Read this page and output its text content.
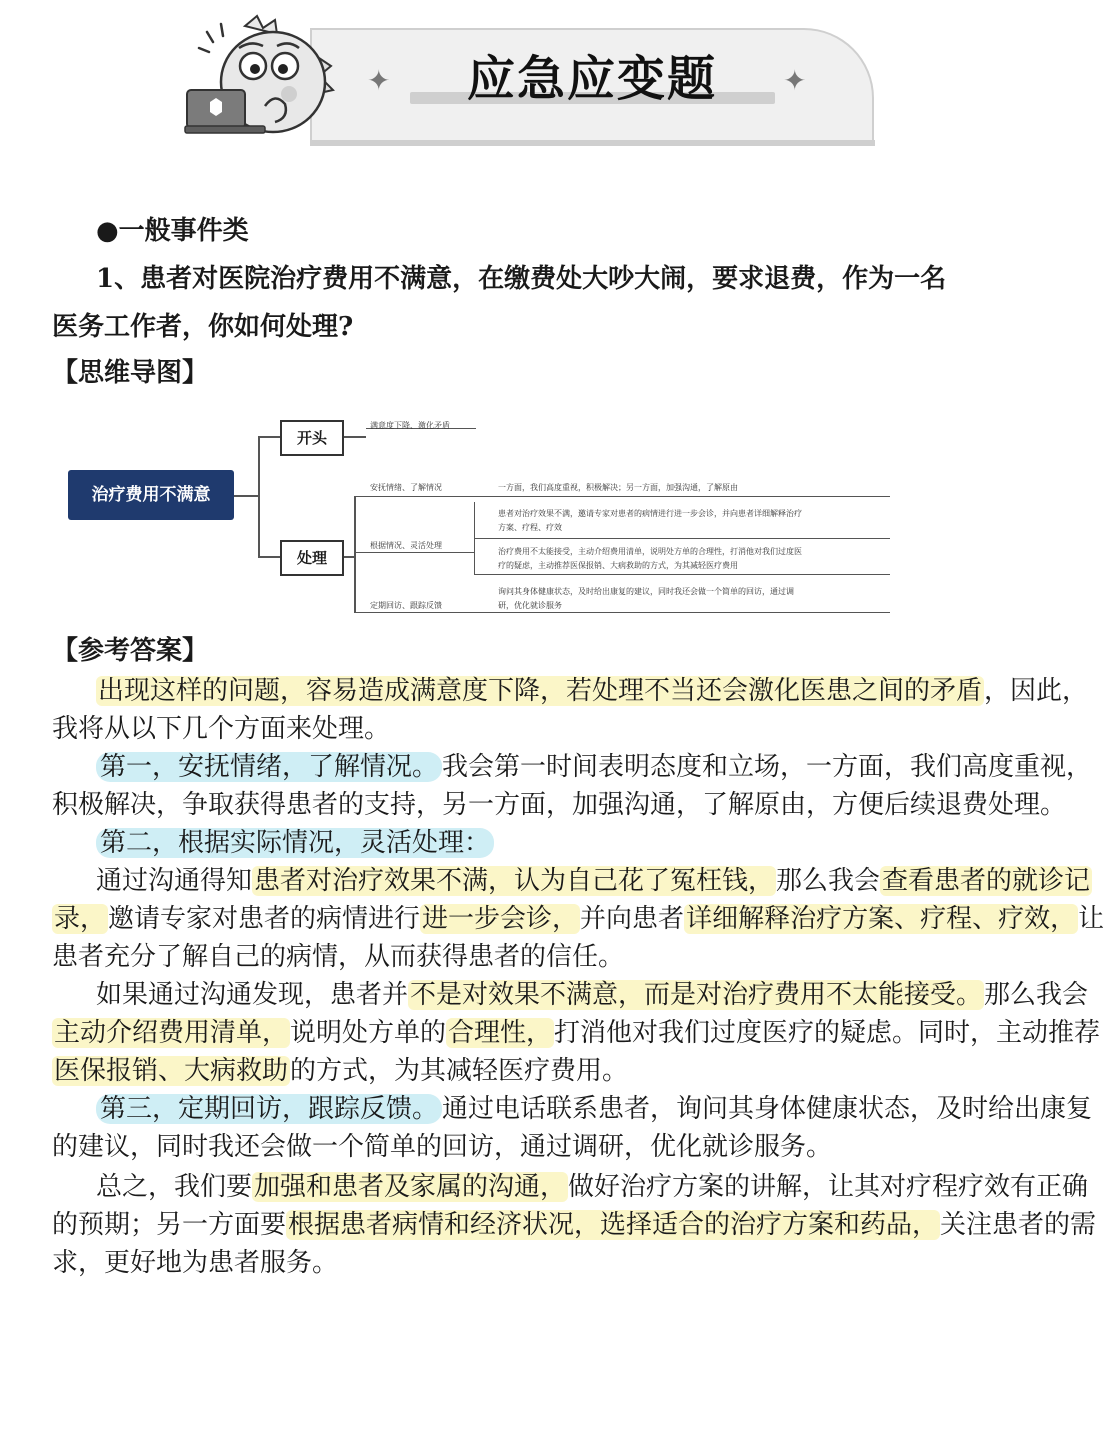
应急应变题
✦	✦

●一般事件类

1、患者对医院治疗费用不满意，在缴费处大吵大闹，要求退费，作为一名

医务工作者，你如何处理?

【思维导图】

治疗费用不满意
开头
处理
满意度下降、激化矛盾
安抚情绪、了解情况	一方面，我们高度重视，积极解决；另一方面，加强沟通，了解原由
根据情况、灵活处理
患者对治疗效果不满，邀请专家对患者的病情进行进一步会诊，并向患者详细解释治疗
方案、疗程、疗效
治疗费用不太能接受，主动介绍费用清单，说明处方单的合理性，打消他对我们过度医
疗的疑虑，主动推荐医保报销、大病救助的方式，为其减轻医疗费用
定期回访、跟踪反馈
询问其身体健康状态，及时给出康复的建议，同时我还会做一个简单的回访，通过调
研，优化就诊服务

【参考答案】

出现这样的问题，容易造成满意度下降，若处理不当还会激化医患之间的矛盾，因此，

我将从以下几个方面来处理。

第一，安抚情绪，了解情况。 我会第一时间表明态度和立场，一方面，我们高度重视，

积极解决，争取获得患者的支持，另一方面，加强沟通，了解原由，方便后续退费处理。

第二，根据实际情况，灵活处理：

通过沟通得知患者对治疗效果不满，认为自己花了冤枉钱，那么我会查看患者的就诊记

录，邀请专家对患者的病情进行进一步会诊，并向患者详细解释治疗方案、疗程、疗效，让

患者充分了解自己的病情，从而获得患者的信任。

如果通过沟通发现，患者并不是对效果不满意，而是对治疗费用不太能接受。那么我会

主动介绍费用清单，说明处方单的合理性，打消他对我们过度医疗的疑虑。同时，主动推荐

医保报销、大病救助的方式，为其减轻医疗费用。

第三，定期回访，跟踪反馈。 通过电话联系患者，询问其身体健康状态，及时给出康复

的建议，同时我还会做一个简单的回访，通过调研，优化就诊服务。

总之，我们要加强和患者及家属的沟通，做好治疗方案的讲解，让其对疗程疗效有正确

的预期；另一方面要根据患者病情和经济状况，选择适合的治疗方案和药品，关注患者的需

求，更好地为患者服务。
